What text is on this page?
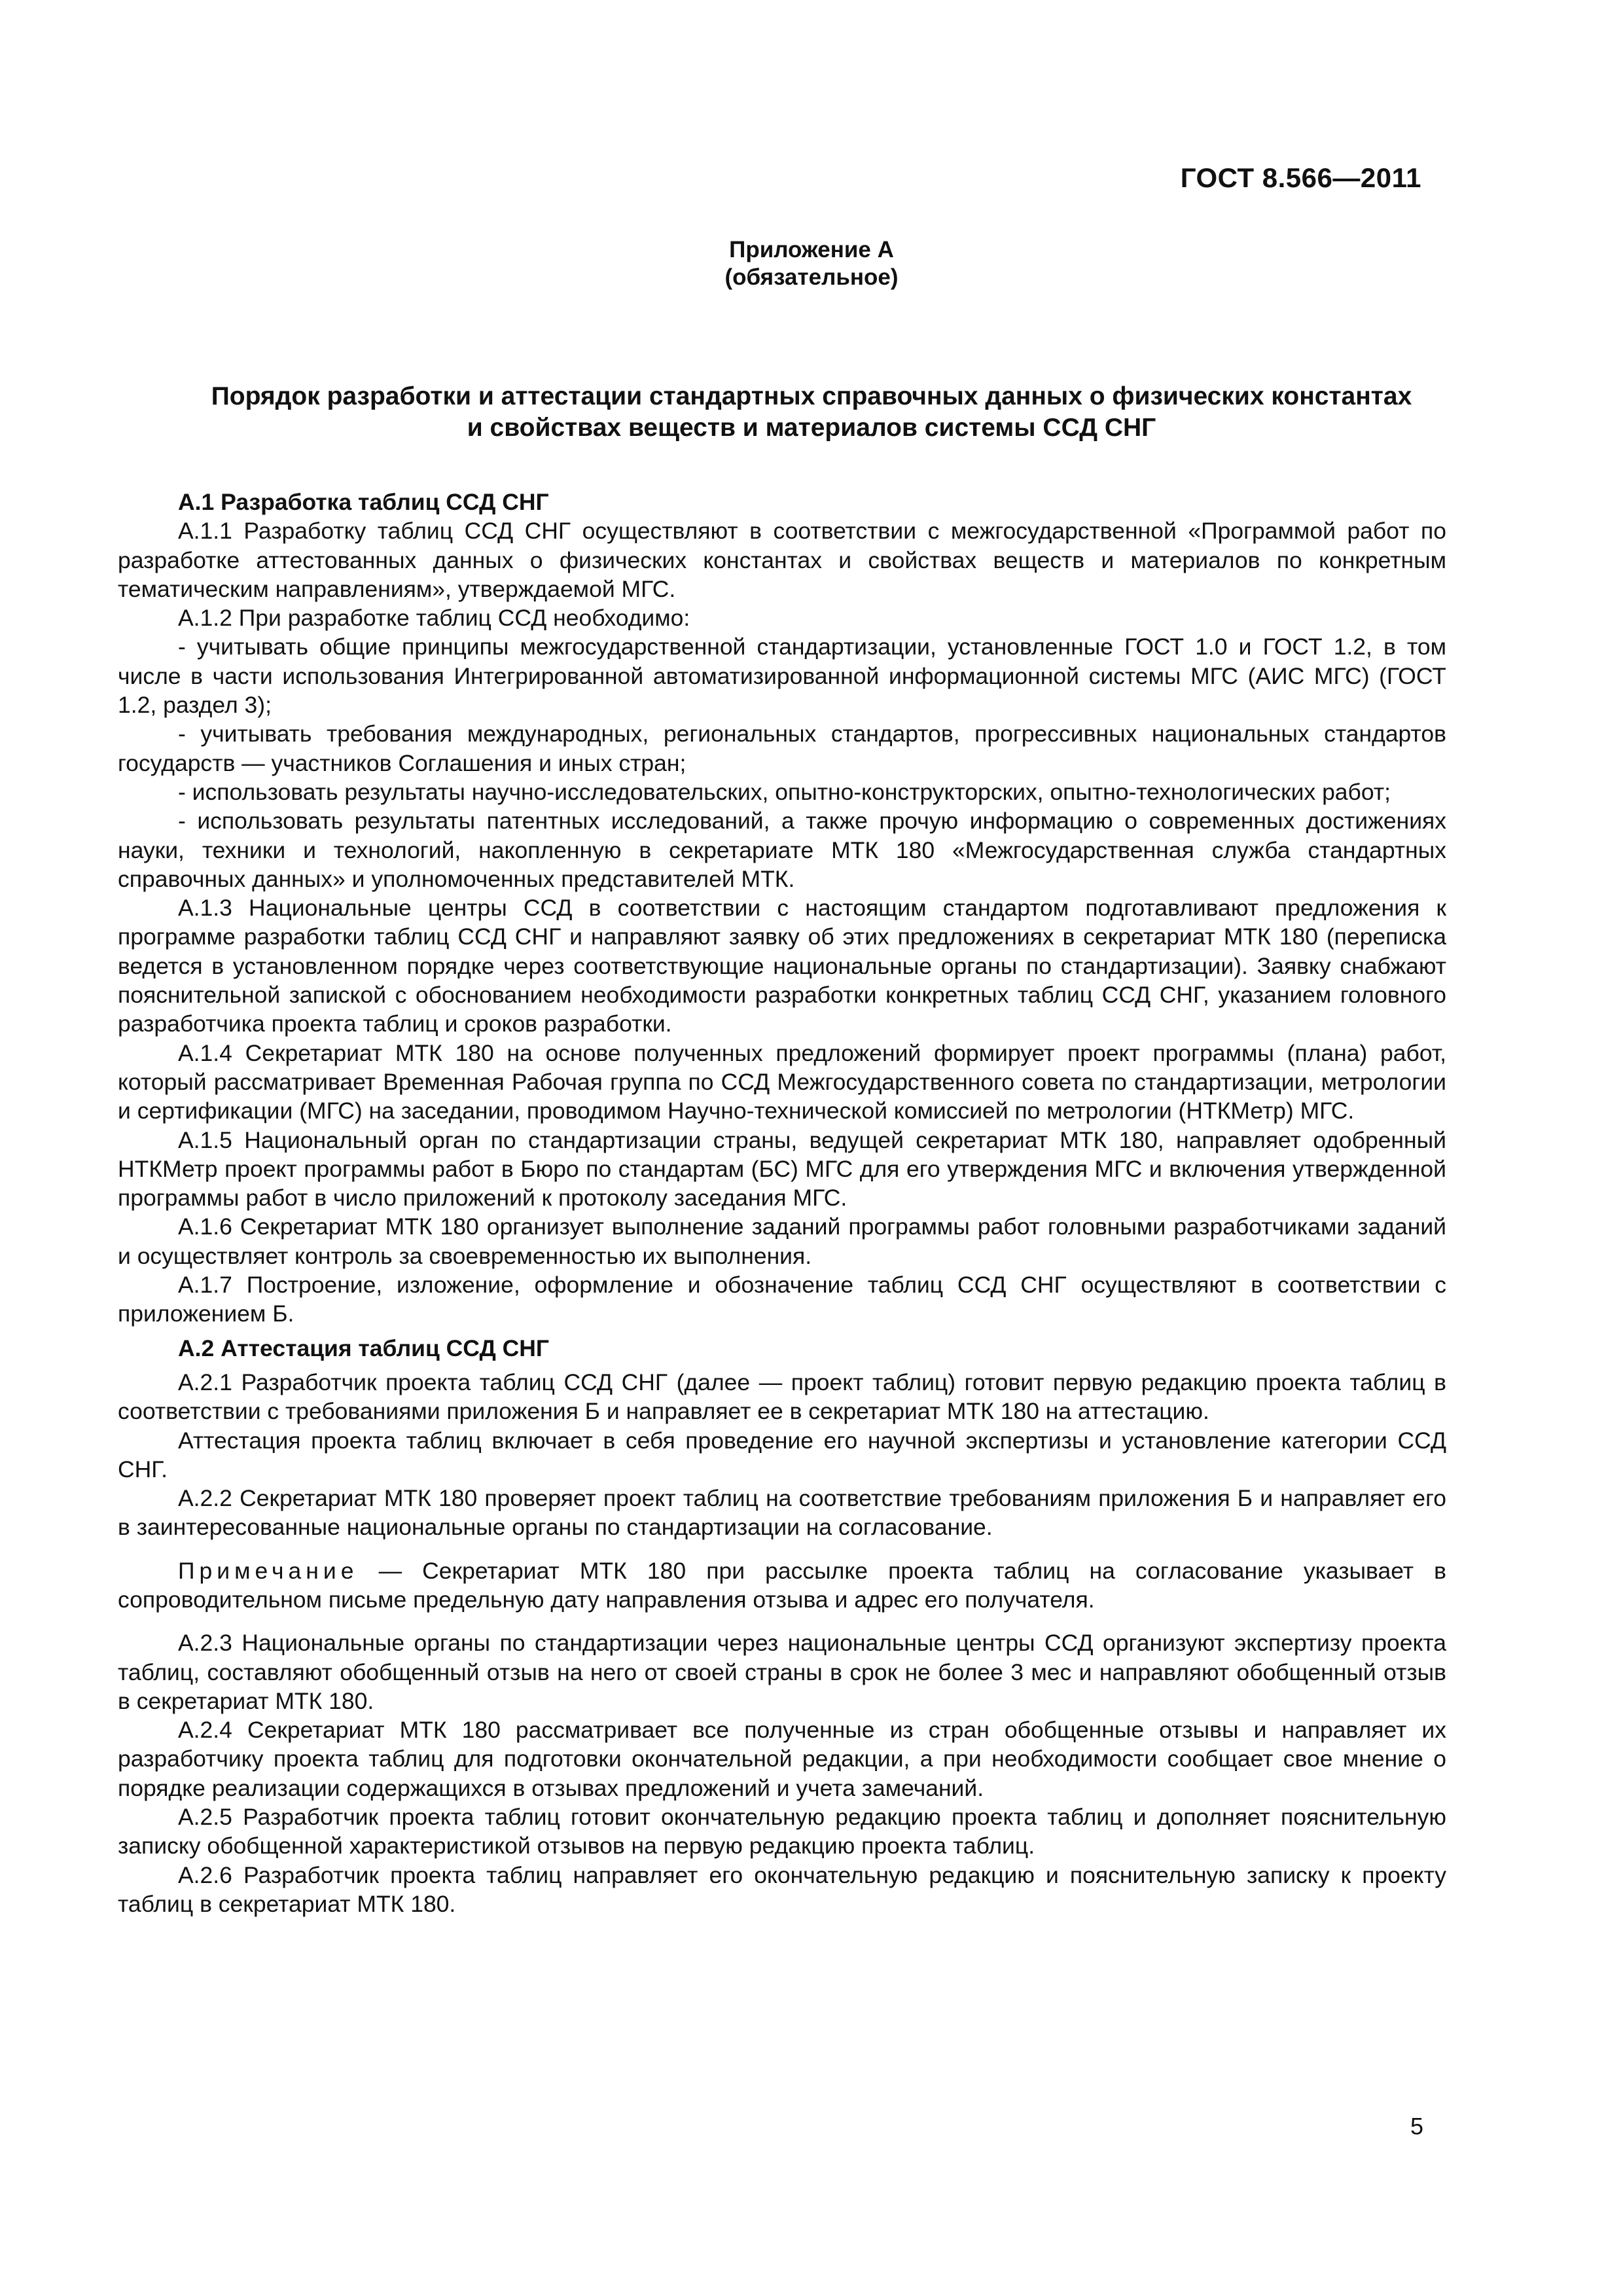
ГОСТ 8.566—2011
Приложение А
(обязательное)
Порядок разработки и аттестации стандартных справочных данных о физических константах
и свойствах веществ и материалов системы ССД СНГ
А.1 Разработка таблиц ССД СНГ

А.1.1 Разработку таблиц ССД СНГ осуществляют в соответствии с межгосударственной «Программой работ по разработке аттестованных данных о физических константах и свойствах веществ и материалов по конкретным тематическим направлениям», утверждаемой МГС.

А.1.2 При разработке таблиц ССД необходимо:

- учитывать общие принципы межгосударственной стандартизации, установленные ГОСТ 1.0 и ГОСТ 1.2, в том числе в части использования Интегрированной автоматизированной информационной системы МГС (АИС МГС) (ГОСТ 1.2, раздел 3);

- учитывать требования международных, региональных стандартов, прогрессивных национальных стандартов государств — участников Соглашения и иных стран;

- использовать результаты научно-исследовательских, опытно-конструкторских, опытно-технологических работ;

- использовать результаты патентных исследований, а также прочую информацию о современных достижениях науки, техники и технологий, накопленную в секретариате МТК 180 «Межгосударственная служба стандартных справочных данных» и уполномоченных представителей МТК.

А.1.3 Национальные центры ССД в соответствии с настоящим стандартом подготавливают предложения к программе разработки таблиц ССД СНГ и направляют заявку об этих предложениях в секретариат МТК 180 (переписка ведется в установленном порядке через соответствующие национальные органы по стандартизации). Заявку снабжают пояснительной запиской с обоснованием необходимости разработки конкретных таблиц ССД СНГ, указанием головного разработчика проекта таблиц и сроков разработки.

А.1.4 Секретариат МТК 180 на основе полученных предложений формирует проект программы (плана) работ, который рассматривает Временная Рабочая группа по ССД Межгосударственного совета по стандартизации, метрологии и сертификации (МГС) на заседании, проводимом Научно-технической комиссией по метрологии (НТКМетр) МГС.

А.1.5 Национальный орган по стандартизации страны, ведущей секретариат МТК 180, направляет одобренный НТКМетр проект программы работ в Бюро по стандартам (БС) МГС для его утверждения МГС и включения утвержденной программы работ в число приложений к протоколу заседания МГС.

А.1.6 Секретариат МТК 180 организует выполнение заданий программы работ головными разработчиками заданий и осуществляет контроль за своевременностью их выполнения.

А.1.7 Построение, изложение, оформление и обозначение таблиц ССД СНГ осуществляют в соответствии с приложением Б.

А.2 Аттестация таблиц ССД СНГ

А.2.1 Разработчик проекта таблиц ССД СНГ (далее — проект таблиц) готовит первую редакцию проекта таблиц в соответствии с требованиями приложения Б и направляет ее в секретариат МТК 180 на аттестацию.

Аттестация проекта таблиц включает в себя проведение его научной экспертизы и установление категории ССД СНГ.

А.2.2 Секретариат МТК 180 проверяет проект таблиц на соответствие требованиям приложения Б и направляет его в заинтересованные национальные органы по стандартизации на согласование.

Примечание — Секретариат МТК 180 при рассылке проекта таблиц на согласование указывает в сопроводительном письме предельную дату направления отзыва и адрес его получателя.

А.2.3 Национальные органы по стандартизации через национальные центры ССД организуют экспертизу проекта таблиц, составляют обобщенный отзыв на него от своей страны в срок не более 3 мес и направляют обобщенный отзыв в секретариат МТК 180.

А.2.4 Секретариат МТК 180 рассматривает все полученные из стран обобщенные отзывы и направляет их разработчику проекта таблиц для подготовки окончательной редакции, а при необходимости сообщает свое мнение о порядке реализации содержащихся в отзывах предложений и учета замечаний.

А.2.5 Разработчик проекта таблиц готовит окончательную редакцию проекта таблиц и дополняет пояснительную записку обобщенной характеристикой отзывов на первую редакцию проекта таблиц.

А.2.6 Разработчик проекта таблиц направляет его окончательную редакцию и пояснительную записку к проекту таблиц в секретариат МТК 180.

5
